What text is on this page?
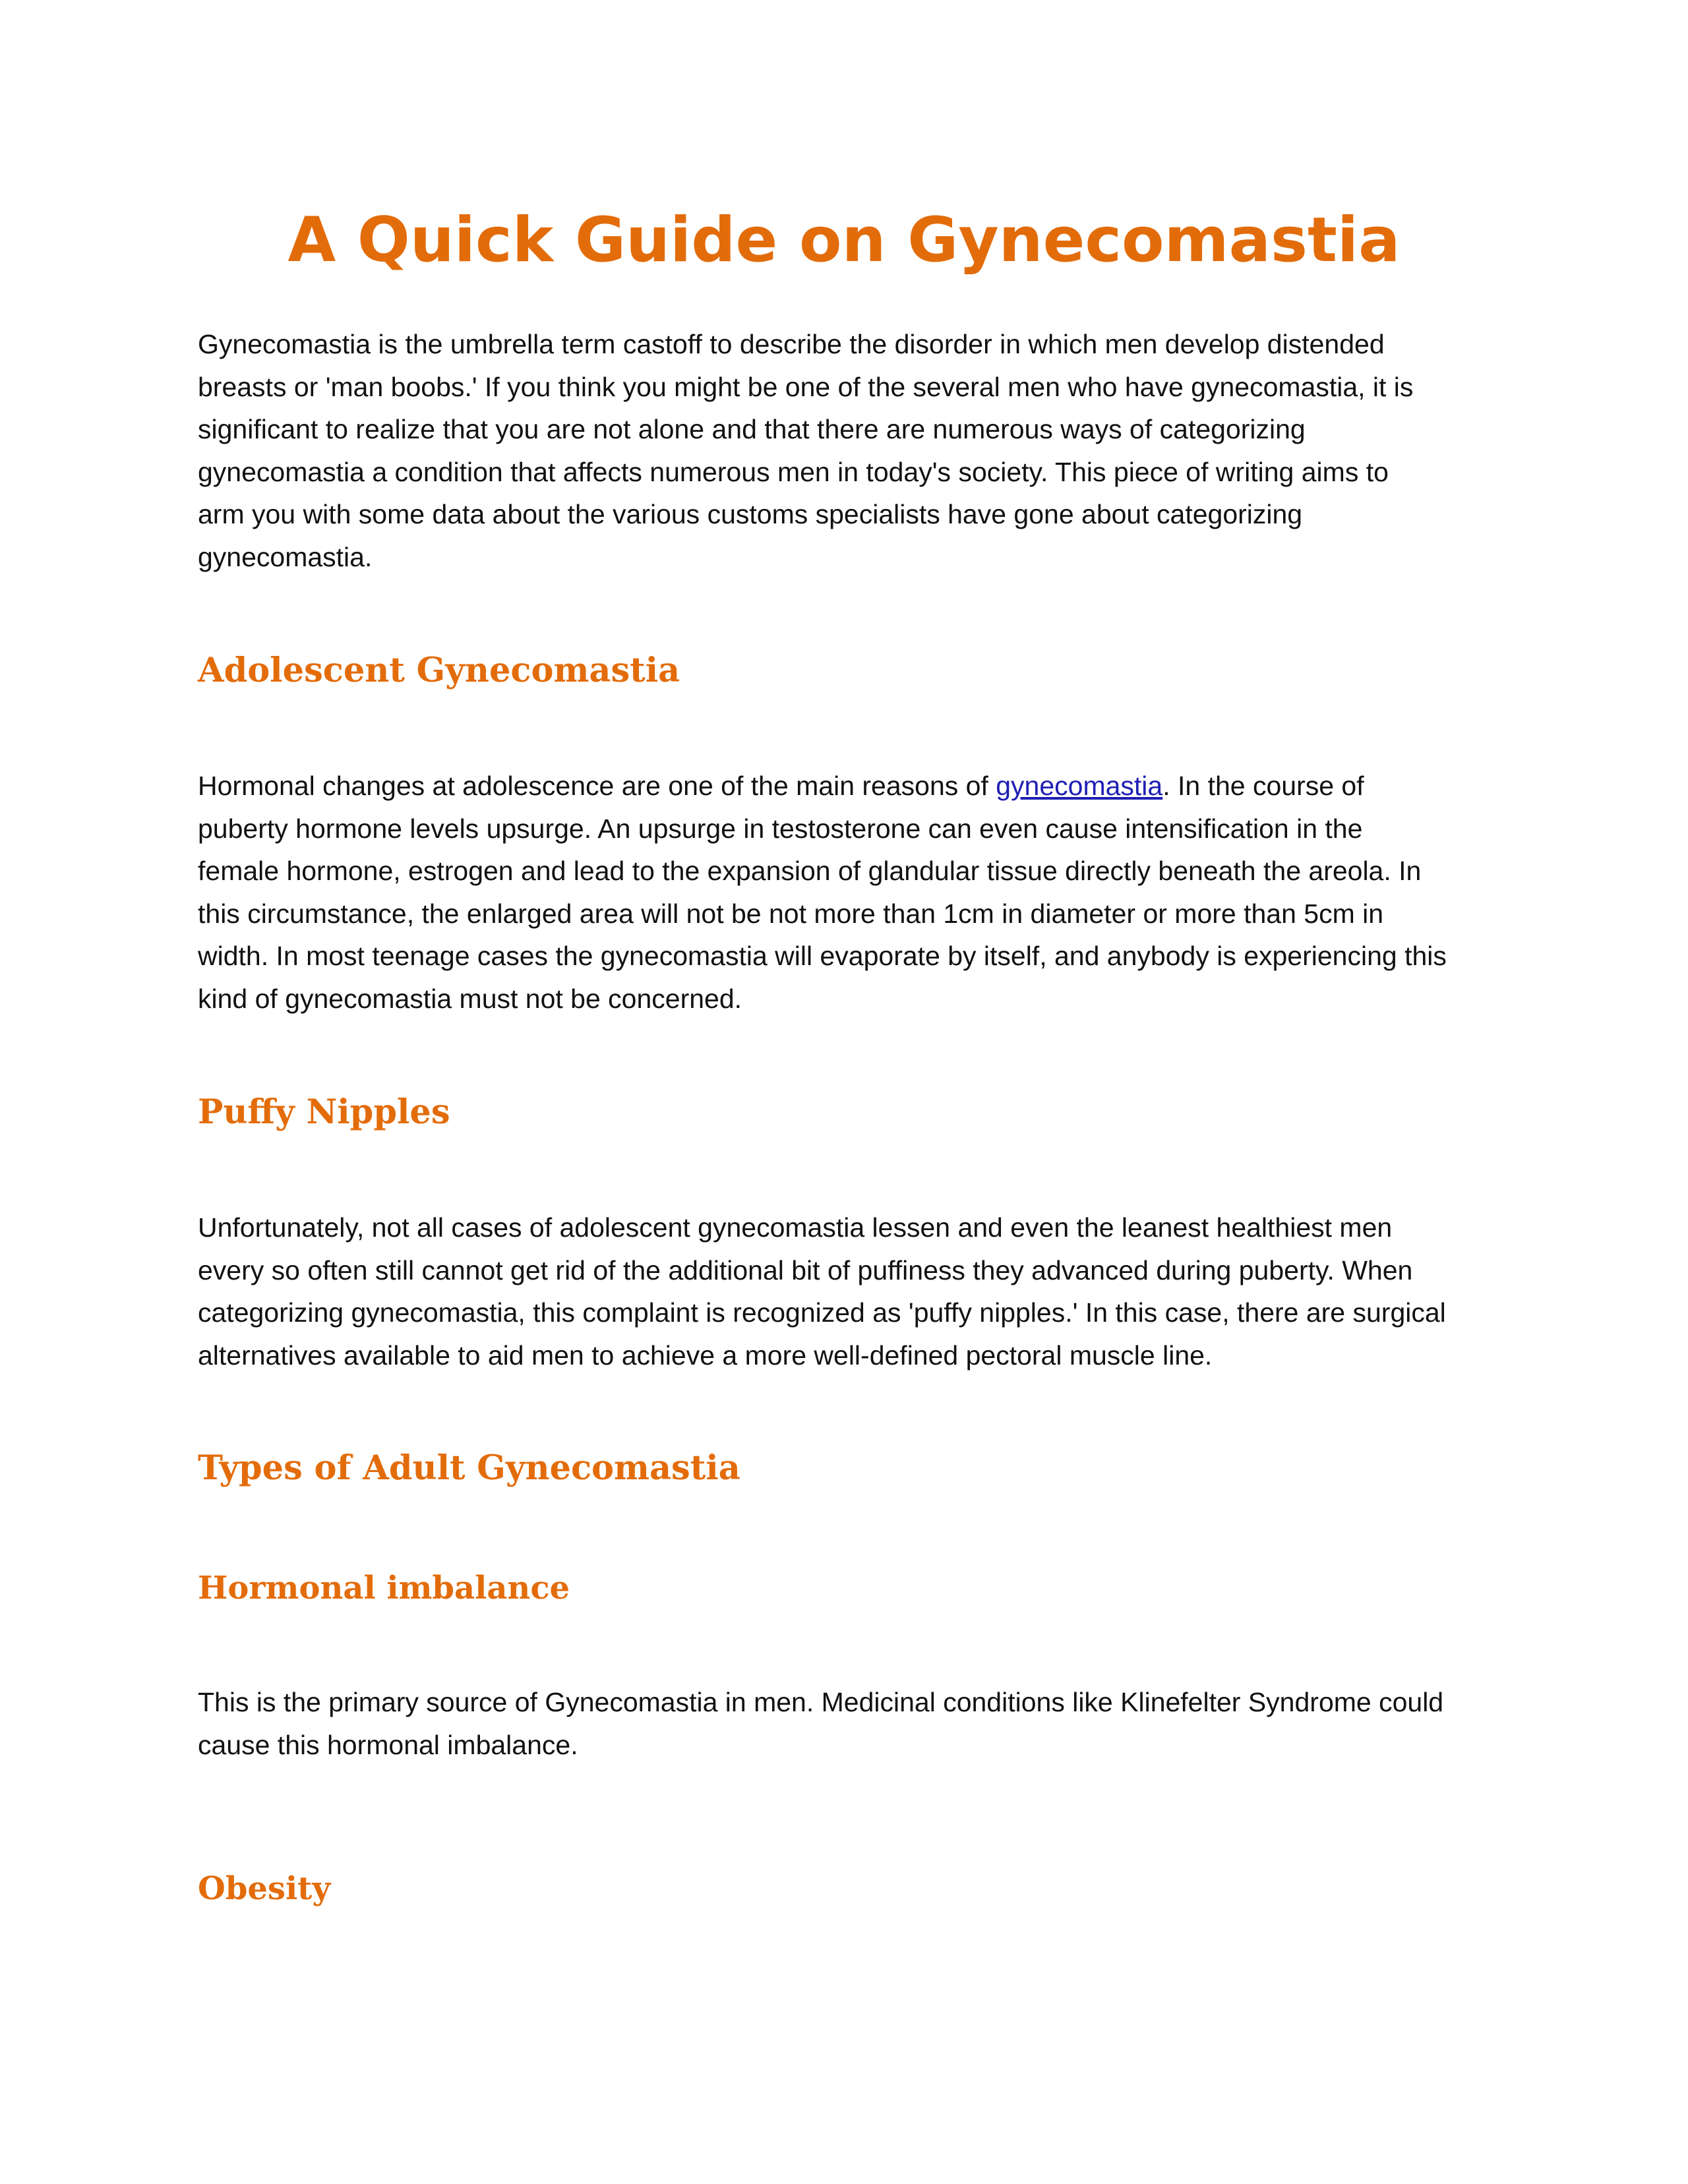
A Quick Guide on Gynecomastia

Gynecomastia is the umbrella term castoff to describe the disorder in which men develop distended
breasts or 'man boobs.' If you think you might be one of the several men who have gynecomastia, it is
significant to realize that you are not alone and that there are numerous ways of categorizing
gynecomastia a condition that affects numerous men in today's society. This piece of writing aims to
arm you with some data about the various customs specialists have gone about categorizing
gynecomastia.

Adolescent Gynecomastia

Hormonal changes at adolescence are one of the main reasons of gynecomastia. In the course of
puberty hormone levels upsurge. An upsurge in testosterone can even cause intensification in the
female hormone, estrogen and lead to the expansion of glandular tissue directly beneath the areola. In
this circumstance, the enlarged area will not be not more than 1cm in diameter or more than 5cm in
width. In most teenage cases the gynecomastia will evaporate by itself, and anybody is experiencing this
kind of gynecomastia must not be concerned.

Puffy Nipples

Unfortunately, not all cases of adolescent gynecomastia lessen and even the leanest healthiest men
every so often still cannot get rid of the additional bit of puffiness they advanced during puberty. When
categorizing gynecomastia, this complaint is recognized as 'puffy nipples.' In this case, there are surgical
alternatives available to aid men to achieve a more well-defined pectoral muscle line.

Types of Adult Gynecomastia
Hormonal imbalance

This is the primary source of Gynecomastia in men. Medicinal conditions like Klinefelter Syndrome could
cause this hormonal imbalance.

Obesity
